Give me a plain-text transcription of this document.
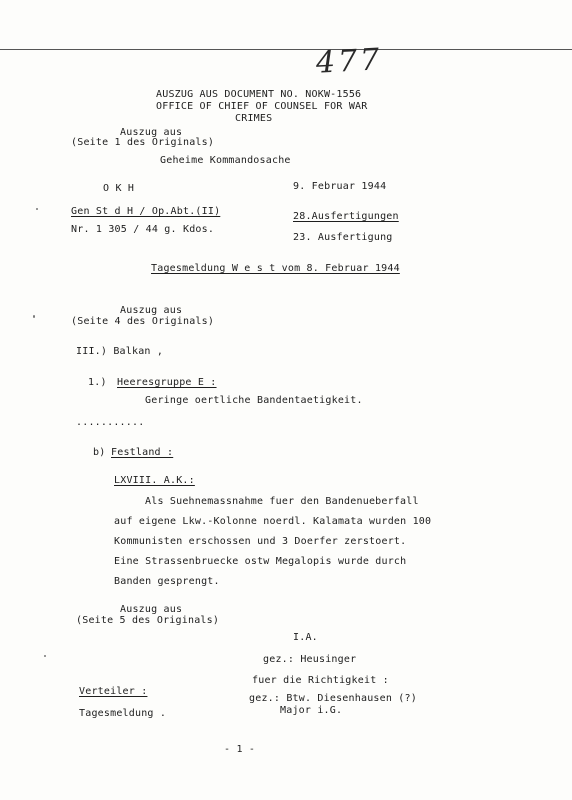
477
AUSZUG AUS DOCUMENT NO. NOKW-1556
OFFICE OF CHIEF OF COUNSEL FOR WAR
CRIMES
Auszug aus
(Seite 1 des Originals)
Geheime Kommandosache
O K H	9. Februar 1944
Gen St d H / Op.Abt.(II)	28.Ausfertigungen
Nr. 1 305 / 44 g. Kdos.
23. Ausfertigung
Tagesmeldung W e s t vom 8. Februar 1944
Auszug aus
(Seite 4 des Originals)
III.) Balkan ,
1.) Heeresgruppe E :
Geringe oertliche Bandentaetigkeit.
...........
b) Festland :
LXVIII. A.K.:
Als Suehnemassnahme fuer den Bandenueberfall
auf eigene Lkw.-Kolonne noerdl. Kalamata wurden 100
Kommunisten erschossen und 3 Doerfer zerstoert.
Eine Strassenbruecke ostw Megalopis wurde durch
Banden gesprengt.
Auszug aus
(Seite 5 des Originals)
I.A.
gez.: Heusinger
fuer die Richtigkeit :
gez.: Btw. Diesenhausen (?)
Major i.G.
Verteiler :
Tagesmeldung .
- 1 -
